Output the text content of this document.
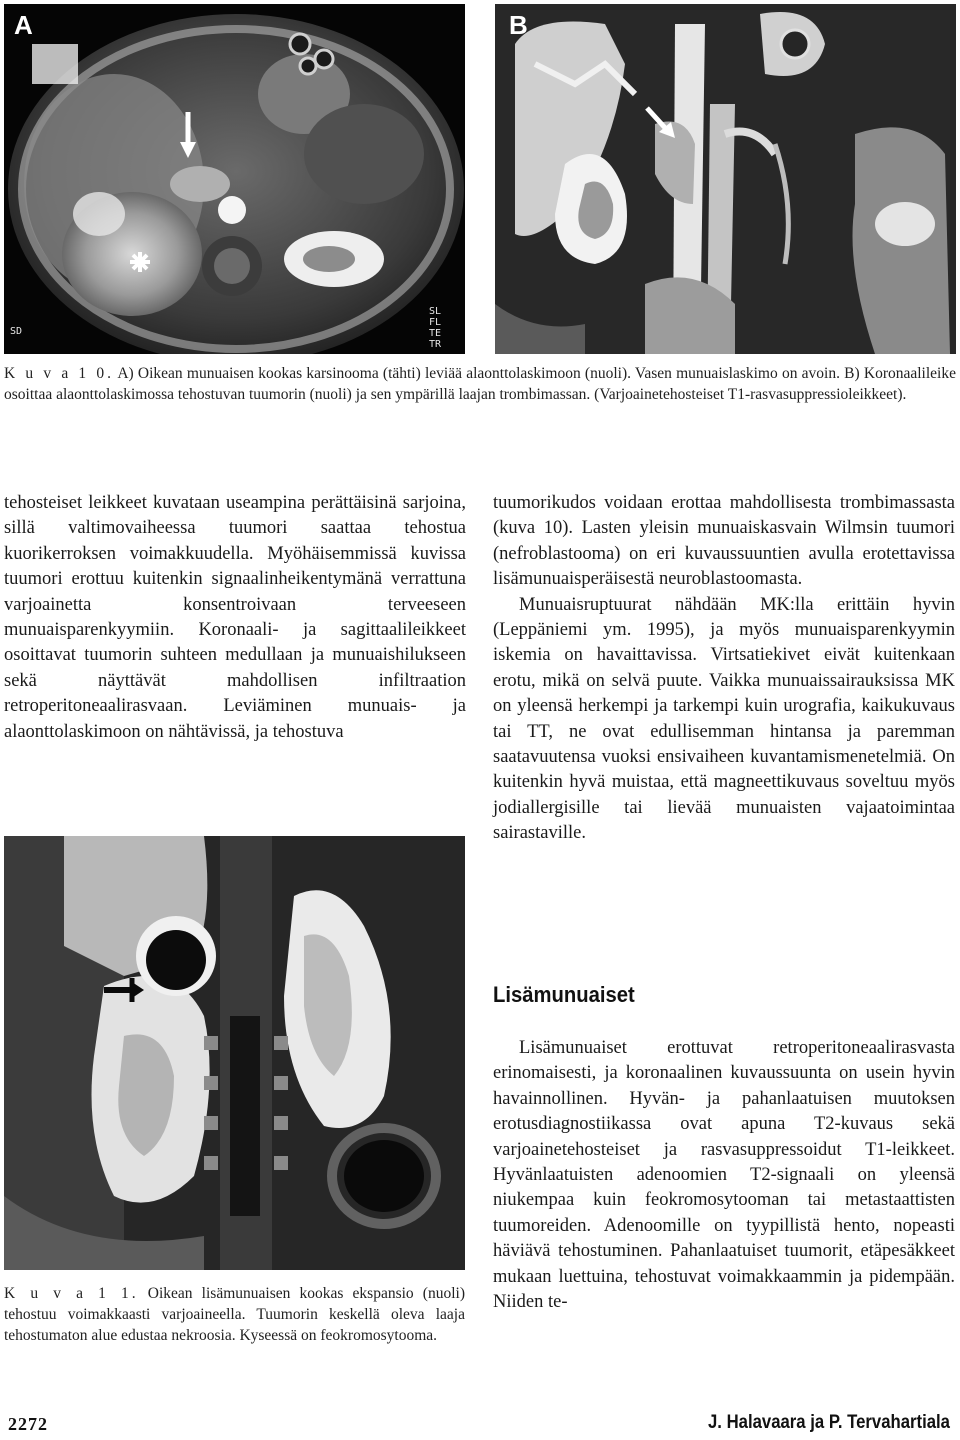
A
SD
SL
FL
TE
TR
B
K u v a 1 0. A) Oikean munuaisen kookas karsinooma (tähti) leviää alaonttolaskimoon (nuoli). Vasen munuaislaskimo on avoin. B) Koronaalileike osoittaa alaonttolaskimossa tehostuvan tuumorin (nuoli) ja sen ympärillä laajan trombimassan. (Varjoainetehosteiset T1-rasvasuppressioleikkeet).

tehosteiset leikkeet kuvataan useampina perättäisinä sarjoina, sillä valtimovaiheessa tuumori saattaa tehostua kuorikerroksen voimakkuudella. Myöhäisemmissä kuvissa tuumori erottuu kuitenkin signaalinheikentymänä verrattuna varjoainetta konsentroivaan terveeseen munuaisparenkyymiin. Koronaali- ja sagittaalileikkeet osoittavat tuumorin suhteen medullaan ja munuaishilukseen sekä näyttävät mahdollisen infiltraation retroperitoneaalirasvaan. Leviäminen munuais- ja alaonttolaskimoon on nähtävissä, ja tehostuva

K u v a 1 1. Oikean lisämunuaisen kookas ekspansio (nuoli) tehostuu voimakkaasti varjoaineella. Tuumorin keskellä oleva laaja tehostumaton alue edustaa nekroosia. Kyseessä on feokromosytooma.

tuumorikudos voidaan erottaa mahdollisesta trombimassasta (kuva 10). Lasten yleisin munuaiskasvain Wilmsin tuumori (nefroblastooma) on eri kuvaussuuntien avulla erotettavissa lisämunuaisperäisestä neuroblastoomasta.

Munuaisruptuurat nähdään MK:lla erittäin hyvin (Leppäniemi ym. 1995), ja myös munuaisparenkyymin iskemia on havaittavissa. Virtsatiekivet eivät kuitenkaan erotu, mikä on selvä puute. Vaikka munuaissairauksissa MK on yleensä herkempi ja tarkempi kuin urografia, kaikukuvaus tai TT, ne ovat edullisemman hintansa ja paremman saatavuutensa vuoksi ensivaiheen kuvantamismenetelmiä. On kuitenkin hyvä muistaa, että magneettikuvaus soveltuu myös jodiallergisille tai lievää munuaisten vajaatoimintaa sairastaville.

Lisämunuaiset

Lisämunuaiset erottuvat retroperitoneaalirasvasta erinomaisesti, ja koronaalinen kuvaussuunta on usein hyvin havainnollinen. Hyvän- ja pahanlaatuisen muutoksen erotusdiagnostiikassa ovat apuna T2-kuvaus sekä varjoainetehosteiset ja rasvasuppressoidut T1-leikkeet. Hyvänlaatuisten adenoomien T2-signaali on yleensä niukempaa kuin feokromosytooman tai metastaattisten tuumoreiden. Adenoomille on tyypillistä hento, nopeasti häviävä tehostuminen. Pahanlaatuiset tuumorit, etäpesäkkeet mukaan luettuina, tehostuvat voimakkaammin ja pidempään. Niiden te-

2272	J. Halavaara ja P. Tervahartiala
